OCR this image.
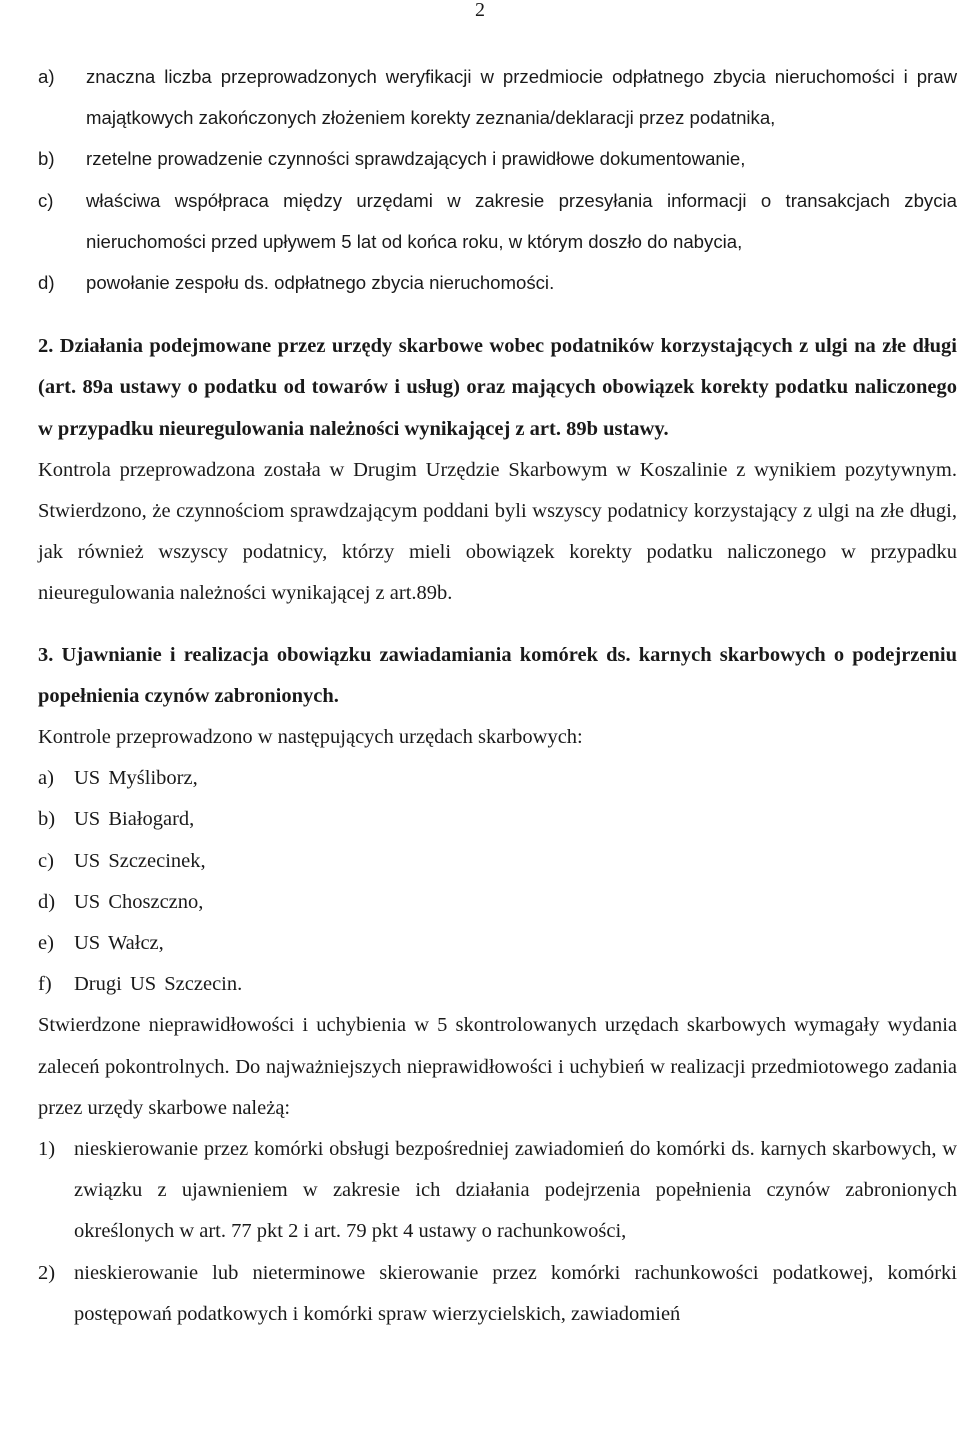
2
a)	znaczna liczba przeprowadzonych weryfikacji w przedmiocie odpłatnego zbycia nieruchomości i praw majątkowych zakończonych złożeniem korekty zeznania/deklaracji przez podatnika,
b)	rzetelne prowadzenie czynności sprawdzających i prawidłowe dokumentowanie,
c)	właściwa współpraca między urzędami w zakresie przesyłania informacji o transakcjach zbycia nieruchomości przed upływem 5 lat od końca roku, w którym doszło do nabycia,
d)	powołanie zespołu ds. odpłatnego zbycia nieruchomości.

2. Działania podejmowane przez urzędy skarbowe wobec podatników korzystających z ulgi na złe długi (art. 89a ustawy o podatku od towarów i usług) oraz mających obowiązek korekty podatku naliczonego w przypadku nieuregulowania należności wynikającej z art. 89b ustawy.

Kontrola przeprowadzona została w Drugim Urzędzie Skarbowym w Koszalinie z wynikiem pozytywnym. Stwierdzono, że czynnościom sprawdzającym poddani byli wszyscy podatnicy korzystający z ulgi na złe długi, jak również wszyscy podatnicy, którzy mieli obowiązek korekty podatku naliczonego w przypadku nieuregulowania należności wynikającej z art.89b.

3. Ujawnianie i realizacja obowiązku zawiadamiania komórek ds. karnych skarbowych o podejrzeniu popełnienia czynów zabronionych.

Kontrole przeprowadzono w następujących urzędach skarbowych:

a) US Myśliborz,
b) US Białogard,
c) US Szczecinek,
d) US Choszczno,
e) US Wałcz,
f)	Drugi US Szczecin.

Stwierdzone nieprawidłowości i uchybienia w 5 skontrolowanych urzędach skarbowych wymagały wydania zaleceń pokontrolnych. Do najważniejszych nieprawidłowości i uchybień w realizacji przedmiotowego zadania przez urzędy skarbowe należą:

1) nieskierowanie przez komórki obsługi bezpośredniej zawiadomień do komórki ds. karnych skarbowych, w związku z ujawnieniem w zakresie ich działania podejrzenia popełnienia czynów zabronionych określonych w art. 77 pkt 2 i art. 79 pkt 4 ustawy o rachunkowości,
2) nieskierowanie lub nieterminowe skierowanie przez komórki rachunkowości podatkowej, komórki postępowań podatkowych i komórki spraw wierzycielskich, zawiadomień
